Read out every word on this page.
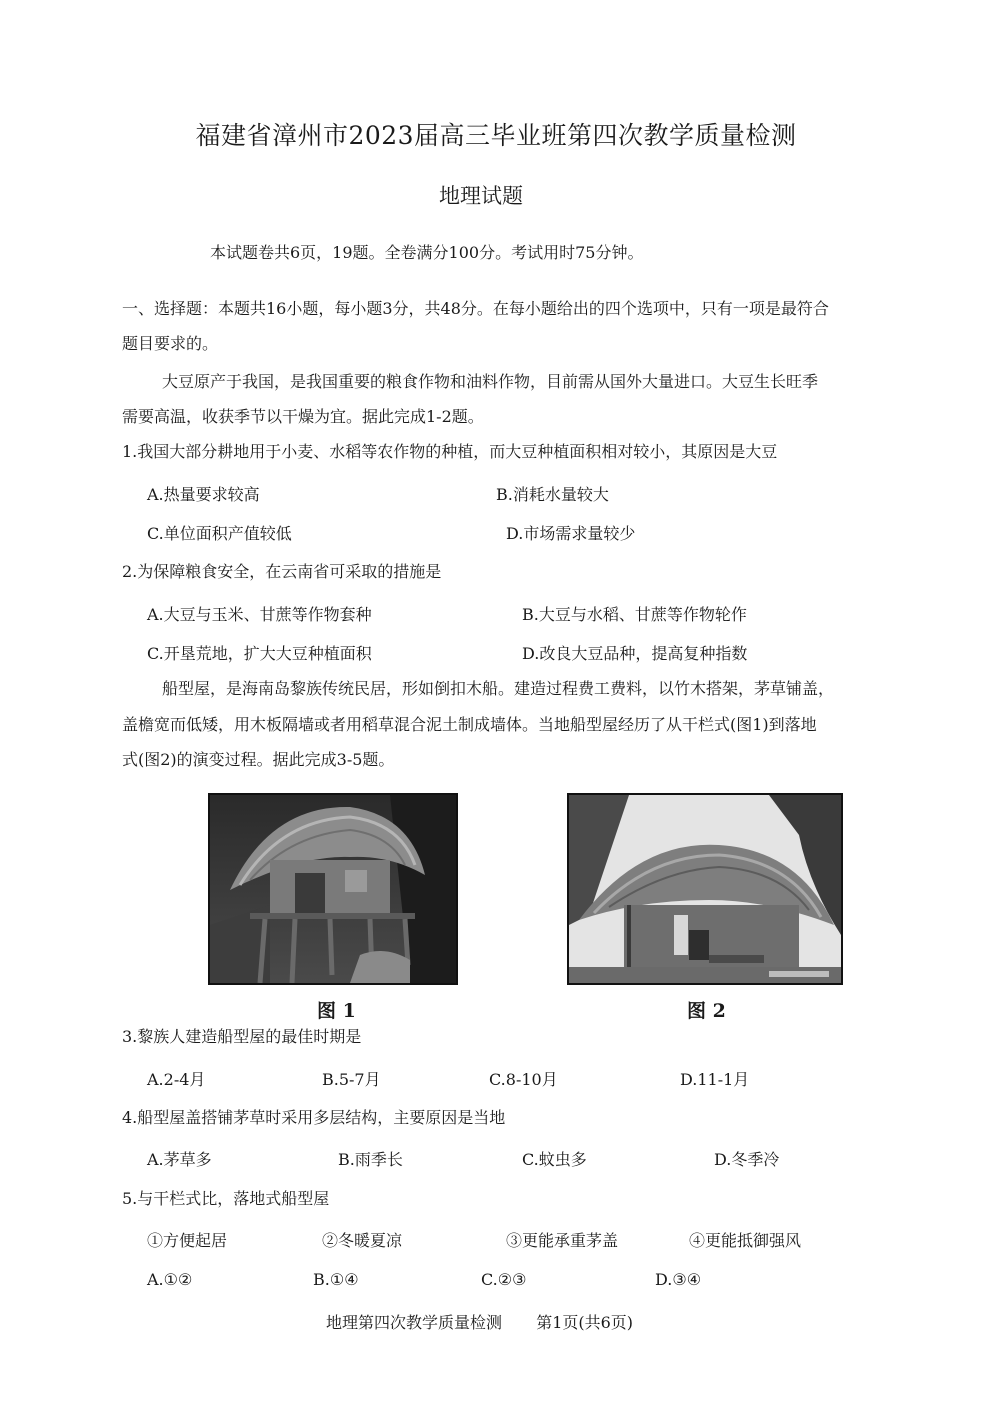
福建省漳州市2023届高三毕业班第四次教学质量检测
地理试题
本试题卷共6页，19题。全卷满分100分。考试用时75分钟。
一、选择题：本题共16小题，每小题3分，共48分。在每小题给出的四个选项中，只有一项是最符合
题目要求的。
大豆原产于我国，是我国重要的粮食作物和油料作物，目前需从国外大量进口。大豆生长旺季
需要高温，收获季节以干燥为宜。据此完成1-2题。
1.我国大部分耕地用于小麦、水稻等农作物的种植，而大豆种植面积相对较小，其原因是大豆
A.热量要求较高	B.消耗水量较大
C.单位面积产值较低	D.市场需求量较少
2.为保障粮食安全，在云南省可采取的措施是
A.大豆与玉米、甘蔗等作物套种	B.大豆与水稻、甘蔗等作物轮作
C.开垦荒地，扩大大豆种植面积	D.改良大豆品种，提高复种指数
船型屋，是海南岛黎族传统民居，形如倒扣木船。建造过程费工费料，以竹木搭架，茅草铺盖，
盖檐宽而低矮，用木板隔墙或者用稻草混合泥土制成墙体。当地船型屋经历了从干栏式(图1)到落地
式(图2)的演变过程。据此完成3-5题。
图 1	图 2
3.黎族人建造船型屋的最佳时期是
A.2-4月	B.5-7月	C.8-10月	D.11-1月
4.船型屋盖搭铺茅草时采用多层结构，主要原因是当地
A.茅草多	B.雨季长	C.蚊虫多	D.冬季冷
5.与干栏式比，落地式船型屋
①方便起居	②冬暖夏凉	③更能承重茅盖	④更能抵御强风
A.①②	B.①④	C.②③	D.③④
地理第四次教学质量检测 第1页(共6页)
